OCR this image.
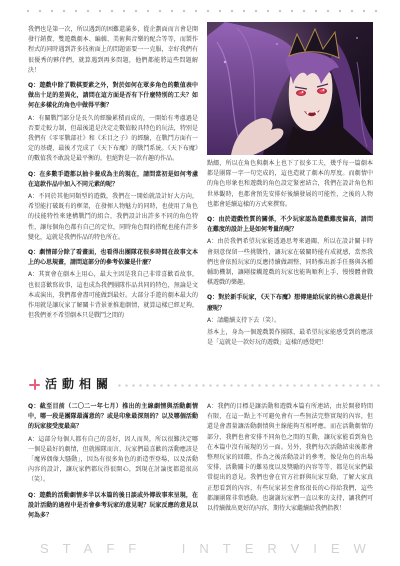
我們也是第一次，所以遇到的困難還滿多，從企劃面而言會是開發行銷費、雙遊戲劇本、編輯、美術與音樂的配合等等，而製作程式的同時遇到許多技術面上的問題需要一一克服，幸好我們有很優秀的夥伴們，就算遇到再多問題，他們都能將這些問題解決！

Q：遊戲中除了戰棋要素之外，對於如何在眾多角色的數值表中做出十足的差異化，請問在這方面是否有下什麼特別的工夫？如何在多樣化的角色中做得平衡？

A：有關戰鬥部分是長久的經驗累積而成的，一開始有考慮過是否要走較力制，但最後還是決定走數值較具特色的玩法，特別是我們有《零零戰部社》和《禾目之子》的經驗，在戰鬥方面有一定的基礎，最後才完成了《天下布魔》的戰鬥系統。《天下布魔》的數值我不敢說是最平衡的，但絕對是一款有趣的作品。

Q：在多數手遊都以抽卡養成為主的現在，請問當初是如何考慮在這款作品中加入不同元素的呢？

A：不同於其他同類型的遊戲，我們在一開始就設計好大方向，希望能打破既有的框架，在發揮人物魅力的同時，也使用了角色的技能特性來建構戰鬥的組合，我們設計出許多不同的角色特性，讓每個角色都有自己的定位，同時角色間的搭配也能有許多變化，這就是我們作品的特色所在。

Q：劇情部分除了看畫面，也看得出團隊花很多時間在故事文本上的心思規畫，請問這部分的參考依據是什麼？

A：其實會在劇本上用心，最大主因是我自己非常喜歡看故事，也很喜歡寫故事，這也成為我們團隊作品共同的特色，無論是文本或演出，我們都會盡可能做到最好。大部分手遊的劇本最大的作用就是讓玩家了解關卡背景並推進劇情，就算這樣已經足夠，但我們並不希望劇本只是戰鬥之間的

點綴，所以在角色與劇本上也下了很多工夫，幾乎每一篇劇本都是團隊一字一句完成的，這也造就了劇本的厚度。而劇情中的角色形象也和遊戲的角色設定緊密結合，我們在設計角色和世界觀時，也都會預先安排好後續發展的可能性，之後的人物也都會延續這樣的方式來撰寫。

Q：由於遊戲性質的關係，不少玩家認為遊戲難度偏高，請問在難度的設計上是如何考量的呢？

A：由於我們希望玩家能透過思考來過關，所以在設計關卡時會刻意保留一些挑戰性，讓玩家在破關時能有成就感，當然我們也會依照玩家的反應持續做調整，同時推出新手任務與各種輔助機制，讓剛接觸遊戲的玩家也能夠順利上手，慢慢體會戰棋遊戲的樂趣。

Q：對於新手玩家，《天下布魔》想傳達給玩家的核心意義是什麼呢？

A：請繼續支持下去（笑）。

基本上，身為一個遊戲製作團隊，最希望玩家能感受到的應該是「這就是一款好玩的遊戲」這樣的感覺吧！

活動相關

Q：截至目前（二〇二一年七月）推出的主線劇情與活動劇情中，哪一段是團隊最滿意的？或是印象最深刻的？以及哪個活動的玩家接受度最高？

A：這部分每個人都有自己的喜好，因人而異，所以很難決定哪一個是最好的劇情，但就團隊而言，玩家們最喜歡的活動應該是「魔界偶像大騷動」，因為有很多角色的新造型登場，以及活動內容的設計，讓玩家們都玩得很開心，到現在討論度都還很高（笑）。

Q：遊戲的活動劇情多半以本篇的後日談或外傳故事來呈現，在設計活動的過程中是否會參考玩家的意見呢？玩家反應的意見以何為多？

A：我們的目標是讓活動和遊戲本篇有所連結，由於開發時間有限，在這一點上不可避免會有一些無法完整實現的內容，但還是會盡量讓活動劇情與主線能夠互相呼應。而在活動劇情的部分，我們也會安排不同角色之間的互動，讓玩家能看到角色在本篇中沒有展現的另一面。另外，我們每次活動結束後都會整理玩家的回饋，作為之後活動設計的參考，像是角色的出場安排、活動關卡的難易度以及獎勵的內容等等，都是玩家們最常提出的意見。我們也會在官方社群與玩家互動，了解大家真正想看到的內容，有些玩家甚至會寫很長的心得給我們，這些都讓團隊非常感動。也謝謝玩家們一直以來的支持，讓我們可以持續做出更好的內容，期待大家繼續給我們指教！

STAFF INTERVIEW
